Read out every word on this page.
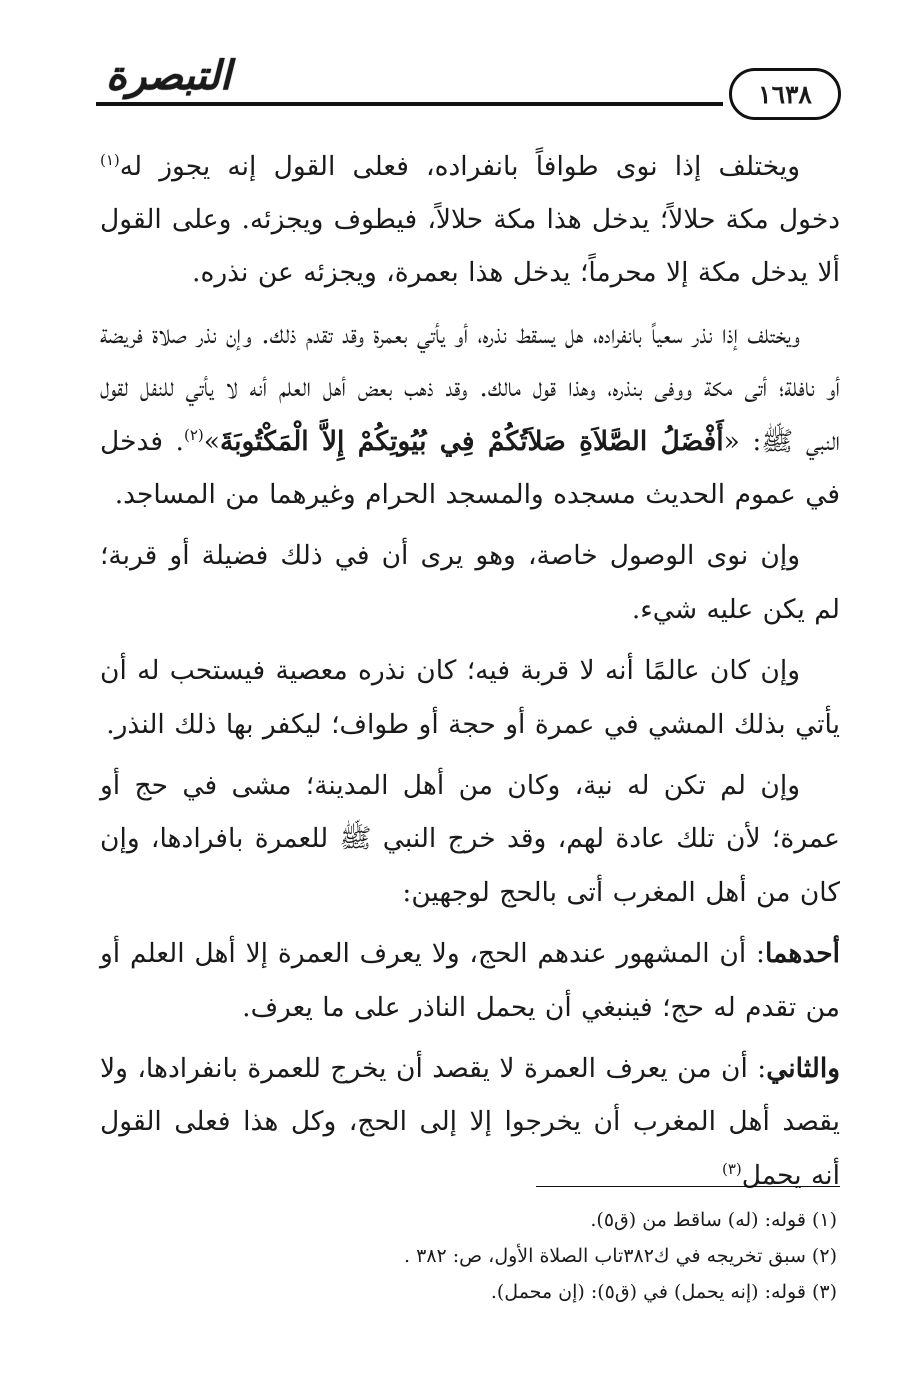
التبصرة	١٦٣٨

ويختلف إذا نوى طوافاً بانفراده، فعلى القول إنه يجوز له$^{(١)}$ دخول مكة حلالاً؛ يدخل هذا مكة حلالاً، فيطوف ويجزئه. وعلى القول ألا يدخل مكة إلا محرماً؛ يدخل هذا بعمرة، ويجزئه عن نذره.

ويختلف إذا نذر سعياً بانفراده، هل يسقط نذره، أو يأتي بعمرة وقد تقدم ذلك. وإن نذر صلاة فريضة أو نافلة؛ أتى مكة ووفى بنذره، وهذا قول مالك. وقد ذهب بعض أهل العلم أنه لا يأتي للنفل لقول النبي ﷺ: «أَفْضَلُ الصَّلاَةِ صَلاَتُكُمْ فِي بُيُوتِكُمْ إِلاَّ الْمَكْتُوبَةَ»$^{(٢)}$. فدخل في عموم الحديث مسجده والمسجد الحرام وغيرهما من المساجد.

وإن نوى الوصول خاصة، وهو يرى أن في ذلك فضيلة أو قربة؛ لم يكن عليه شيء.

وإن كان عالمًا أنه لا قربة فيه؛ كان نذره معصية فيستحب له أن يأتي بذلك المشي في عمرة أو حجة أو طواف؛ ليكفر بها ذلك النذر.

وإن لم تكن له نية، وكان من أهل المدينة؛ مشى في حج أو عمرة؛ لأن تلك عادة لهم، وقد خرج النبي ﷺ للعمرة بافرادها، وإن كان من أهل المغرب أتى بالحج لوجهين:

أحدهما: أن المشهور عندهم الحج، ولا يعرف العمرة إلا أهل العلم أو من تقدم له حج؛ فينبغي أن يحمل الناذر على ما يعرف.

والثاني: أن من يعرف العمرة لا يقصد أن يخرج للعمرة بانفرادها، ولا يقصد أهل المغرب أن يخرجوا إلا إلى الحج، وكل هذا فعلى القول أنه يحمل$^{(٣)}$

(١) قوله: (له) ساقط من (ق٥).
(٢) سبق تخريجه في ك٣٨٢تاب الصلاة الأول، ص: ٣٨٢ .
(٣) قوله: (إنه يحمل) في (ق٥): (إن محمل).
